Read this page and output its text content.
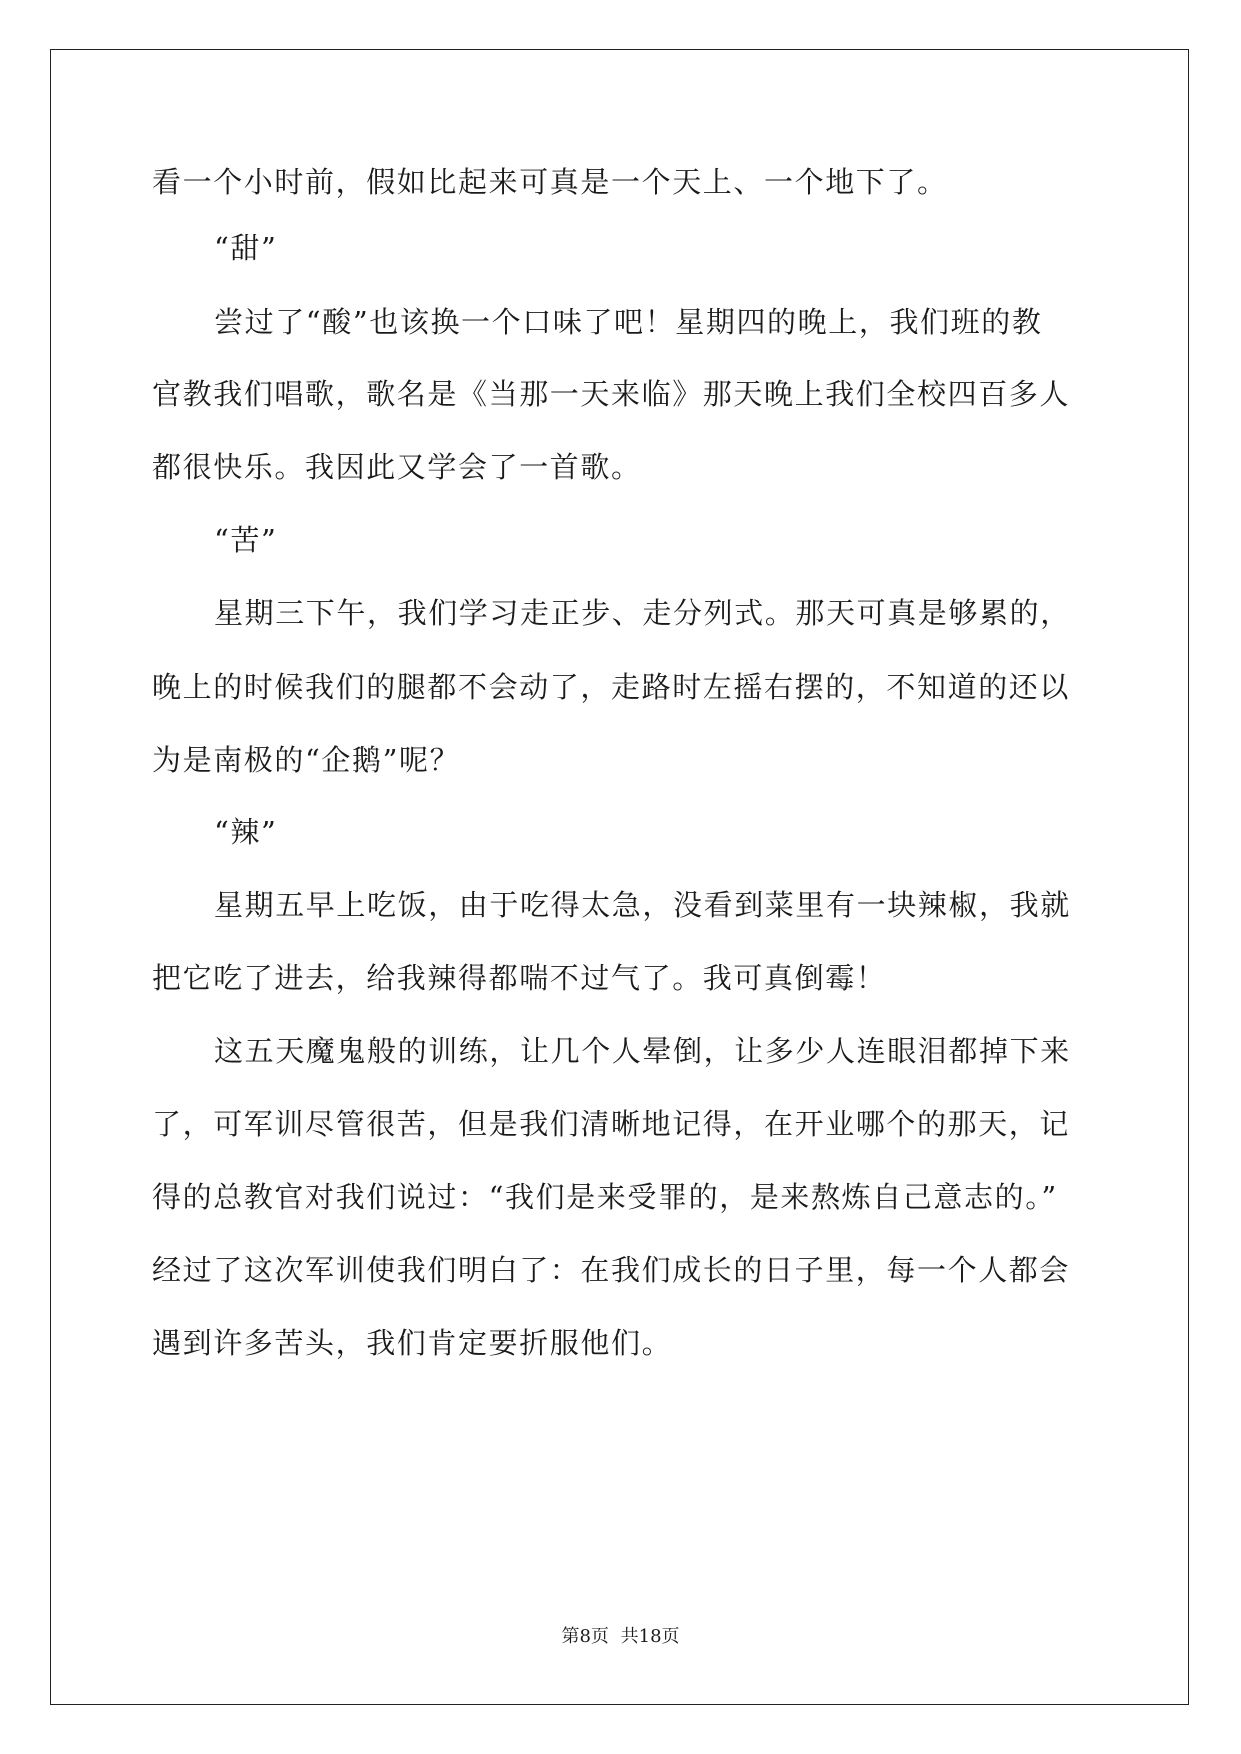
看一个小时前，假如比起来可真是一个天上、一个地下了。
“甜”
尝过了“酸”也该换一个口味了吧！星期四的晚上，我们班的教
官教我们唱歌，歌名是《当那一天来临》那天晚上我们全校四百多人
都很快乐。我因此又学会了一首歌。
“苦”
星期三下午，我们学习走正步、走分列式。那天可真是够累的，
晚上的时候我们的腿都不会动了，走路时左摇右摆的，不知道的还以
为是南极的“企鹅”呢？
“辣”
星期五早上吃饭，由于吃得太急，没看到菜里有一块辣椒，我就
把它吃了进去，给我辣得都喘不过气了。我可真倒霉！
这五天魔鬼般的训练，让几个人晕倒，让多少人连眼泪都掉下来
了，可军训尽管很苦，但是我们清晰地记得，在开业哪个的那天，记
得的总教官对我们说过：“我们是来受罪的，是来熬炼自己意志的。”
经过了这次军训使我们明白了：在我们成长的日子里，每一个人都会
遇到许多苦头，我们肯定要折服他们。
第8页 共18页
